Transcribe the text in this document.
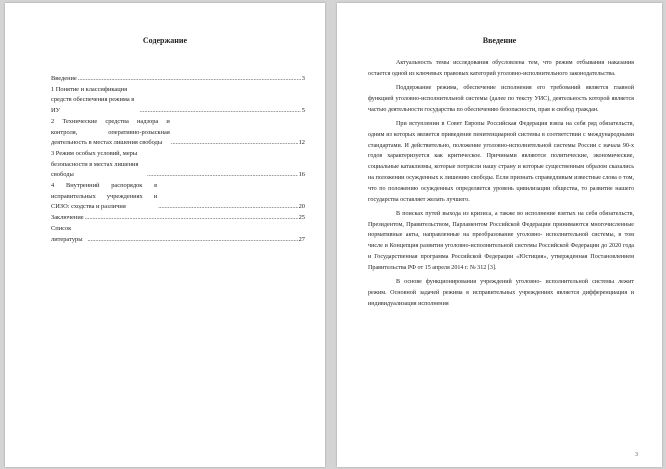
Содержание
Введение .....	3
1 Понятие и классификация средств обеспечения режима в ИУ .....	5
2 Технические средства надзора и контроля, оперативно-розыскная деятельность в местах лишения свободы .....	12
3 Режим особых условий, меры безопасности в местах лишения свободы .....	16
4 Внутренний распорядок в исправительных учреждениях и СИЗО: сходства и различия .....	20
Заключение .....	25
Список литературы .....	27
Введение

Актуальность темы исследования обусловлена тем, что режим отбывания наказания остается одной из ключевых правовых категорий уголовно-исполнительного законодательства.

Поддержание режима, обеспечение исполнения его требований является главной функцией уголовно-исполнительной системы (далее по тексту УИС), деятельность которой является частью деятельности государства по обеспечению безопасности, прав и свобод граждан.

При вступлении в Совет Европы Российская Федерация взяла на себя ряд обязательств, одним из которых является приведение пенитенциарной системы в соответствии с международными стандартами. И действительно, положение уголовно-исполнительной системы России с начала 90-х годов характеризуется как критическое. Причинами являются политические, экономические, социальные катаклизмы, которые потрясли нашу страну и которые существенным образом сказались на положении осужденных к лишению свободы. Если признать справедливым известные слова о том, что по положению осужденных определяется уровень цивилизации общества, то развитие нашего государства оставляет желать лучшего.

В поисках путей выхода из кризиса, а также во исполнение взятых на себя обязательств, Президентом, Правительством, Парламентом Российской Федерации принимаются многочисленные нормативные акты, направленные на преобразование уголовно- исполнительной системы, в том числе и Концепция развития уголовно-исполнительной системы Российской Федерации до 2020 года и Государственная программа Российской Федерации «Юстиция», утвержденная Постановлением Правительства РФ от 15 апреля 2014 г. № 312 [3].

В основе функционирования учреждений уголовно- исполнительной системы лежит режим. Основной задачей режима в исправительных учреждениях является дифференциация и индивидуализация исполнения

3
